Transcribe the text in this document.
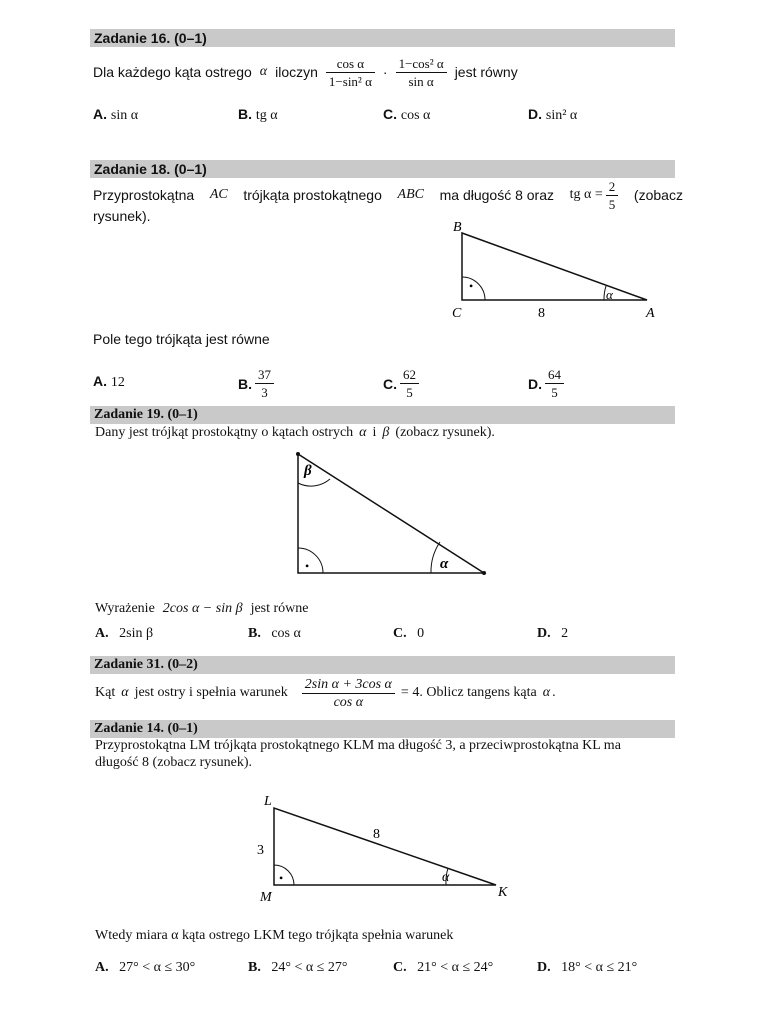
Zadanie 16. (0–1)
Dla każdego kąta ostrego α iloczyn $\frac{\text{cos α}}{\text{1−sin² α}} \cdot \frac{\text{1−cos² α}}{\text{sin α}}$ jest równy
A. sin α	B. tg α	C. cos α	D. sin² α
Zadanie 18. (0–1)
Przyprostokątna AC trójkąta prostokątnego ABC ma długość 8 oraz tg $\alpha = \frac{2}{5}$ (zobacz
rysunek).
•
α
B
C	A
8
Pole tego trójkąta jest równe
A. 12	B. $\frac{37}{3}$	C. $\frac{62}{5}$	D. $\frac{64}{5}$
Zadanie 19. (0–1)
Dany jest trójkąt prostokątny o kątach ostrych α i β (zobacz rysunek).
•
β
α
Wyrażenie 2cos α − sin β jest równe
A. 2sin β	B. cos α	C. 0	D. 2
Zadanie 31. (0–2)
Kąt α jest ostry i spełnia warunek $\frac{\text{2sin α + 3cos α}}{\text{cos α}} = 4$ . Oblicz tangens kąta α .
Zadanie 14. (0–1)
Przyprostokątna LM trójkąta prostokątnego KLM ma długość 3, a przeciwprostokątna KL ma
długość 8 (zobacz rysunek).
•	α
L
M	K
3
8
Wtedy miara α kąta ostrego LKM tego trójkąta spełnia warunek
A. 27° < α ≤ 30°	B. 24° < α ≤ 27°	C. 21° < α ≤ 24°	D. 18° < α ≤ 21°
